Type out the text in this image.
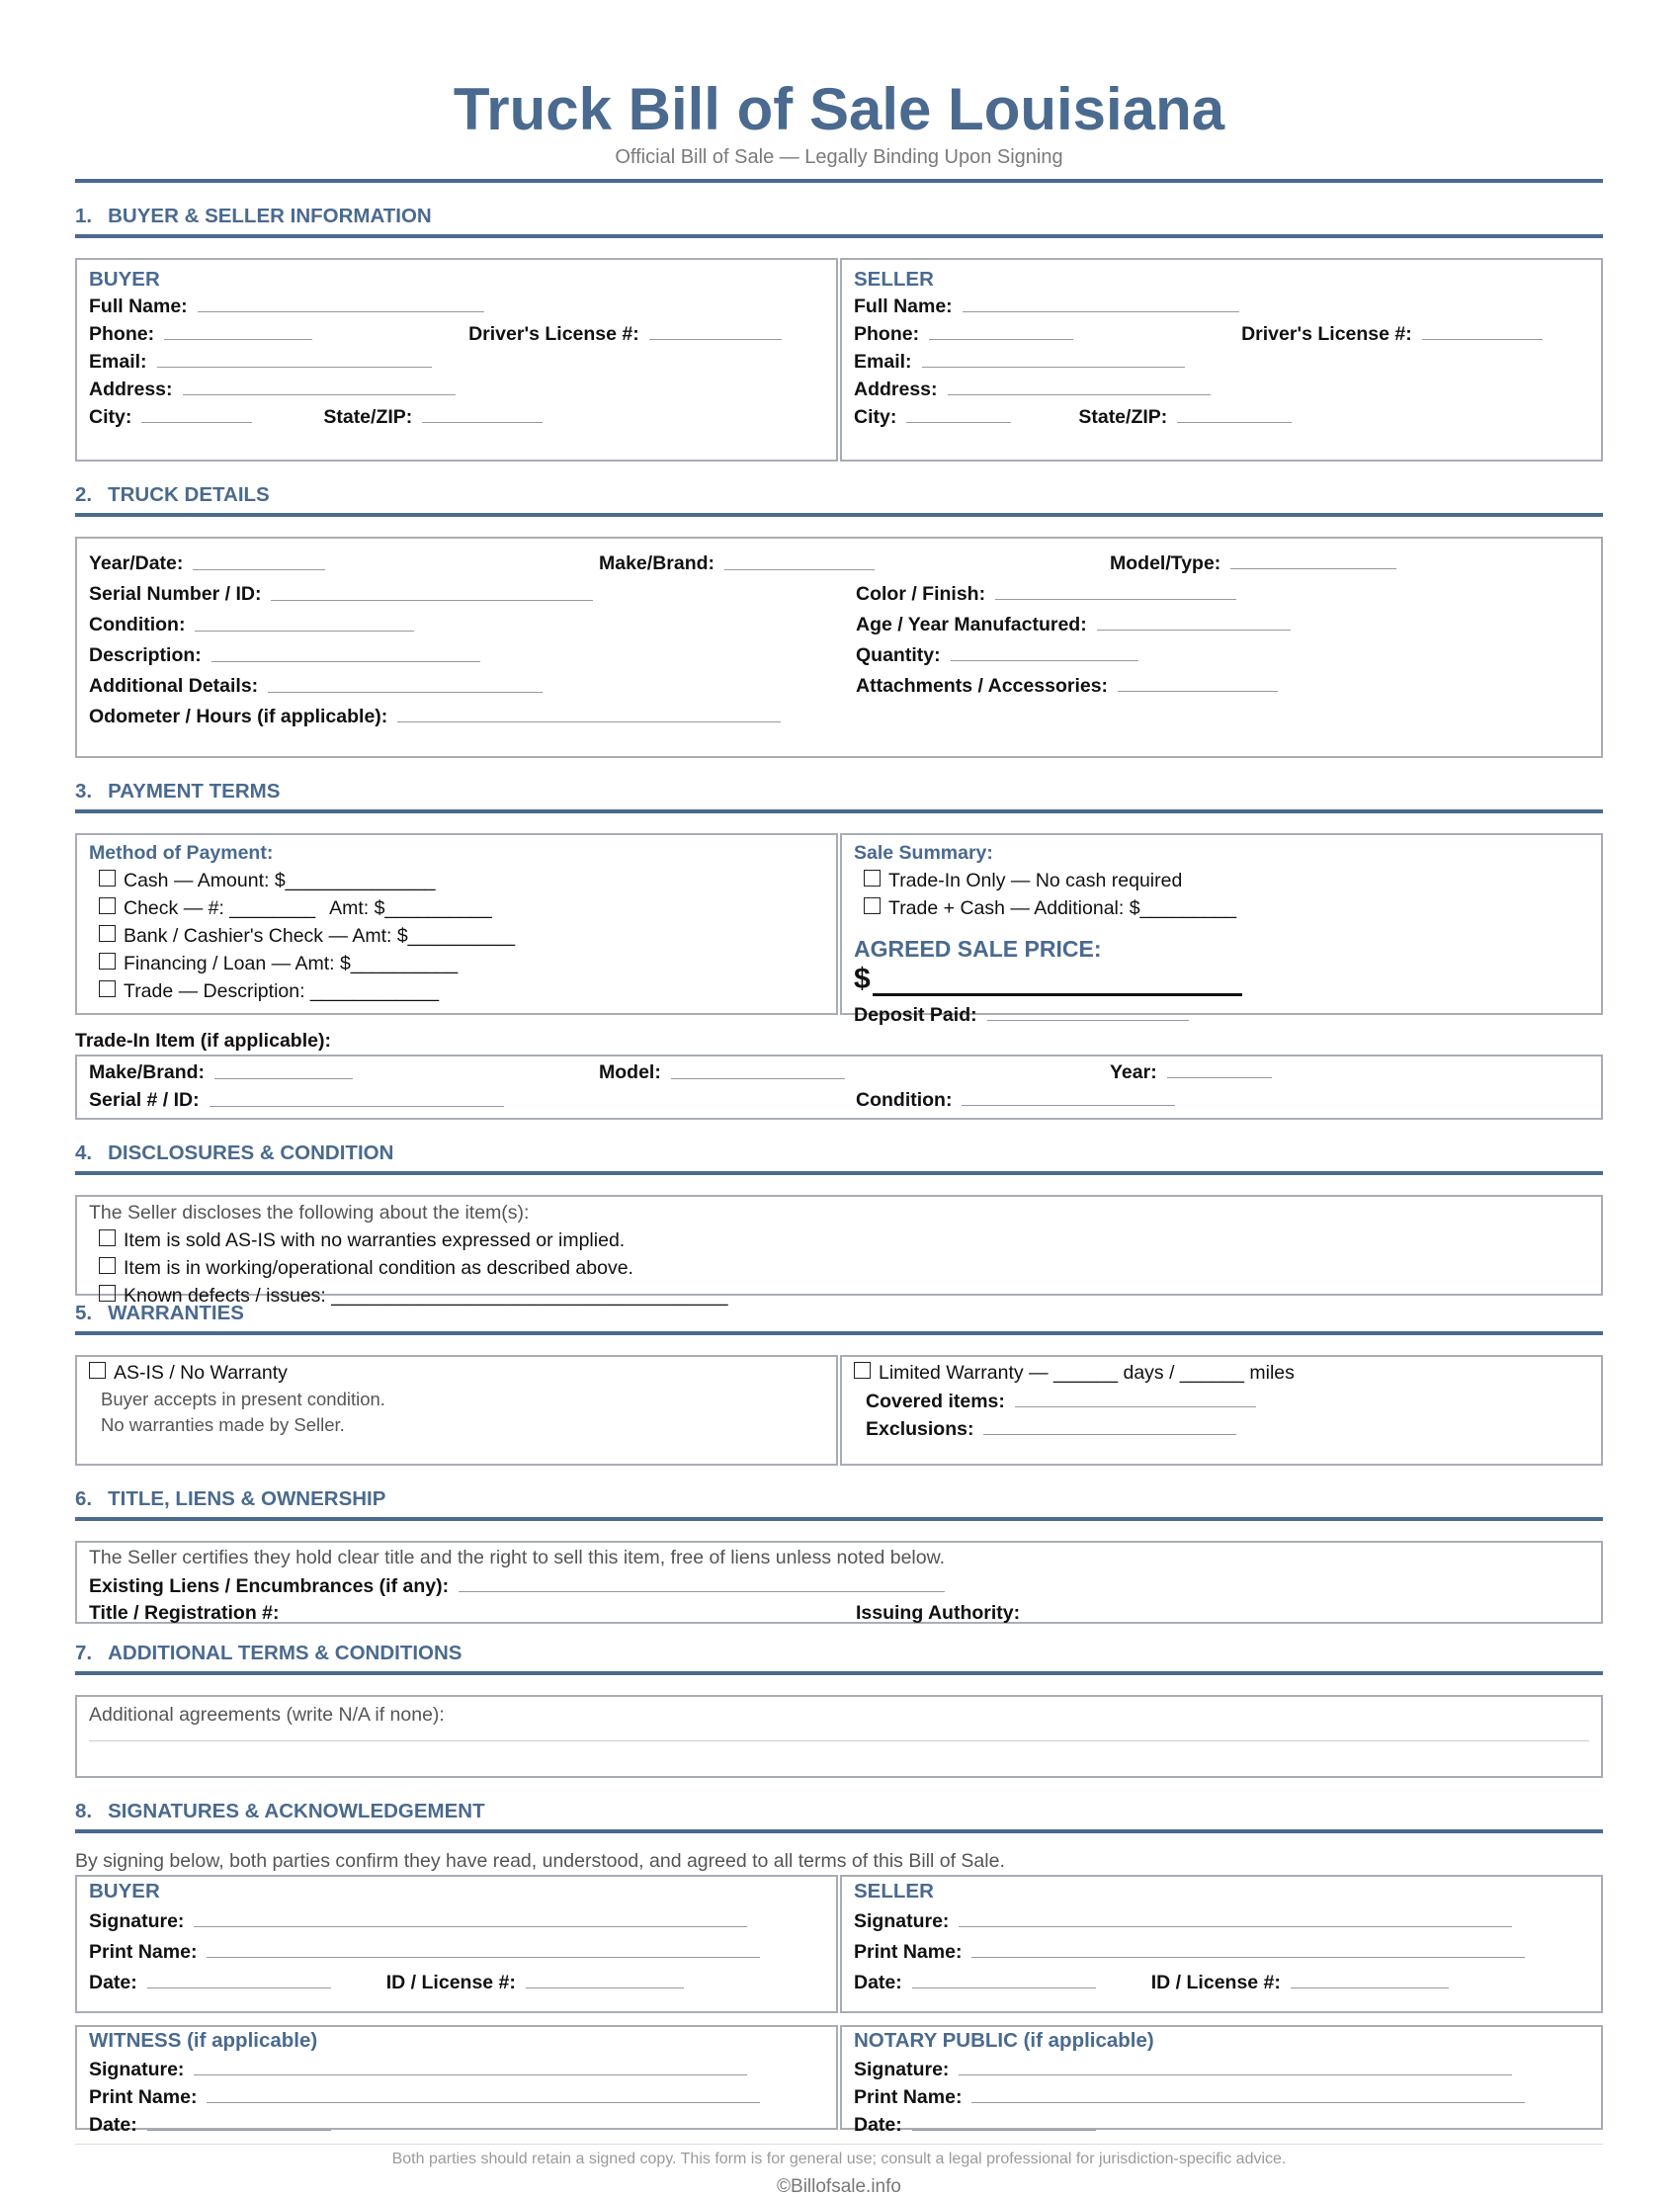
Truck Bill of Sale Louisiana
Official Bill of Sale — Legally Binding Upon Signing
1. BUYER & SELLER INFORMATION
BUYER
Full Name:
Phone:	Driver's License #:
Email:
Address:
City:	State/ZIP:
SELLER
Full Name:
Phone:	Driver's License #:
Email:
Address:
City:	State/ZIP:
2. TRUCK DETAILS
Year/Date:	Make/Brand:	Model/Type:
Serial Number / ID:	Color / Finish:
Condition:	Age / Year Manufactured:
Description:	Quantity:
Additional Details:	Attachments / Accessories:
Odometer / Hours (if applicable):
3. PAYMENT TERMS
Method of Payment:
Cash — Amount: $______________
Check — #: ________ Amt: $__________
Bank / Cashier's Check — Amt: $__________
Financing / Loan — Amt: $__________
Trade — Description: ____________
Sale Summary:
Trade-In Only — No cash required
Trade + Cash — Additional: $_________
AGREED SALE PRICE:
$
Deposit Paid:
Trade-In Item (if applicable):
Make/Brand:	Model:	Year:
Serial # / ID:	Condition:
4. DISCLOSURES & CONDITION
The Seller discloses the following about the item(s):
Item is sold AS-IS with no warranties expressed or implied.
Item is in working/operational condition as described above.
Known defects / issues: _____________________________________
5. WARRANTIES
AS-IS / No Warranty
Buyer accepts in present condition.
No warranties made by Seller.
Limited Warranty — ______ days / ______ miles
Covered items:
Exclusions:
6. TITLE, LIENS & OWNERSHIP
The Seller certifies they hold clear title and the right to sell this item, free of liens unless noted below.
Existing Liens / Encumbrances (if any):
Title / Registration #:	Issuing Authority:
7. ADDITIONAL TERMS & CONDITIONS
Additional agreements (write N/A if none):
8. SIGNATURES & ACKNOWLEDGEMENT
By signing below, both parties confirm they have read, understood, and agreed to all terms of this Bill of Sale.
BUYER
Signature:
Print Name:
Date:	ID / License #:
SELLER
Signature:
Print Name:
Date:	ID / License #:
WITNESS (if applicable)
Signature:
Print Name:
Date:
NOTARY PUBLIC (if applicable)
Signature:
Print Name:
Date:
Both parties should retain a signed copy. This form is for general use; consult a legal professional for jurisdiction-specific advice.
©Billofsale.info
